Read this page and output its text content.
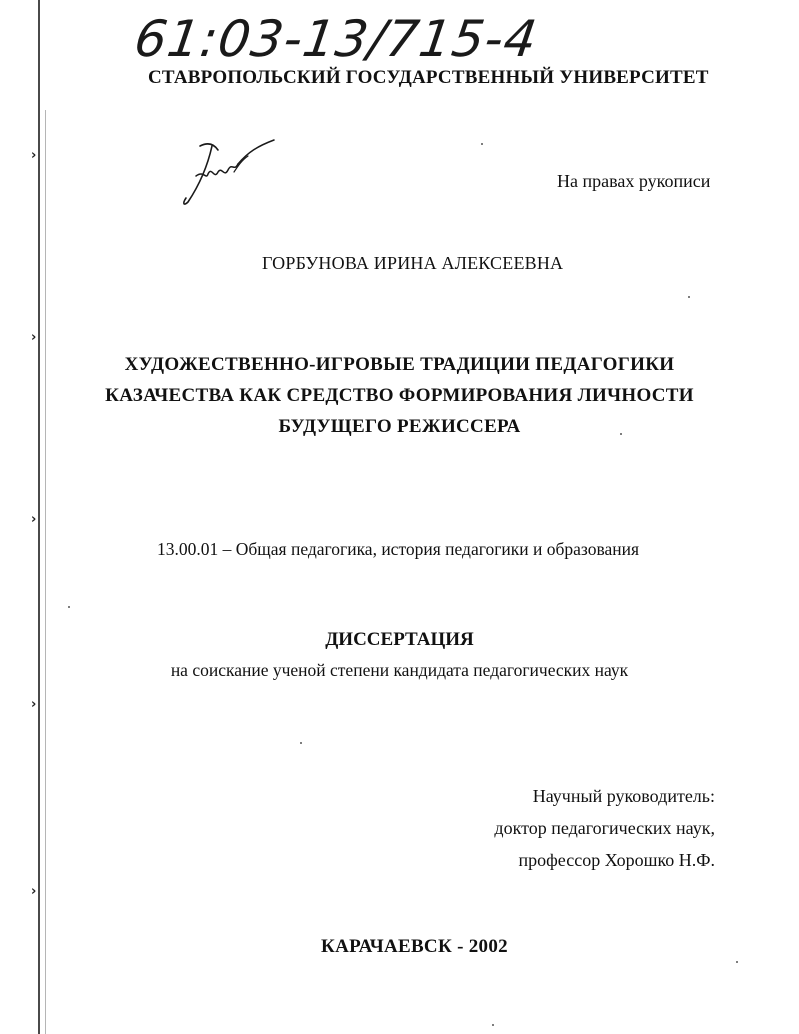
›
›
›
›
›
61:03-13/715-4
СТАВРОПОЛЬСКИЙ ГОСУДАРСТВЕННЫЙ УНИВЕРСИТЕТ
На правах рукописи
ГОРБУНОВА ИРИНА АЛЕКСЕЕВНА
ХУДОЖЕСТВЕННО-ИГРОВЫЕ ТРАДИЦИИ ПЕДАГОГИКИ
КАЗАЧЕСТВА КАК СРЕДСТВО ФОРМИРОВАНИЯ ЛИЧНОСТИ
БУДУЩЕГО РЕЖИССЕРА
13.00.01 – Общая педагогика, история педагогики и образования
ДИССЕРТАЦИЯ
на соискание ученой степени кандидата педагогических наук
Научный руководитель:
доктор педагогических наук,
профессор Хорошко Н.Ф.
КАРАЧАЕВСК - 2002
